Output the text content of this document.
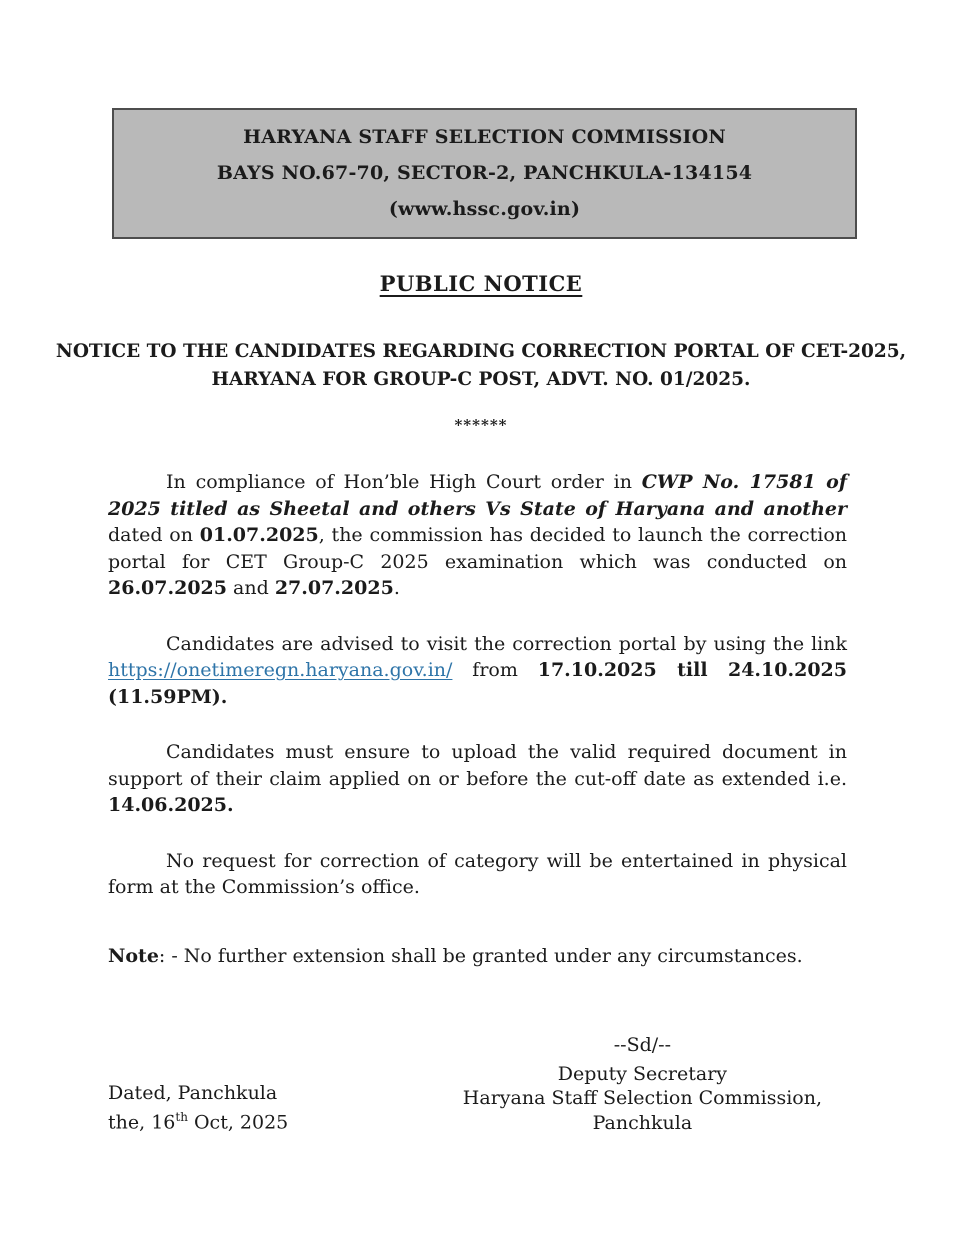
HARYANA STAFF SELECTION COMMISSION
BAYS NO.67-70, SECTOR-2, PANCHKULA-134154
(www.hssc.gov.in)
PUBLIC NOTICE
NOTICE TO THE CANDIDATES REGARDING CORRECTION PORTAL OF CET-2025,
HARYANA FOR GROUP-C POST, ADVT. NO. 01/2025.
******
In compliance of Hon’ble High Court order in CWP No. 17581 of 2025 titled as Sheetal and others Vs State of Haryana and another dated on 01.07.2025, the commission has decided to launch the correction portal for CET Group-C 2025 examination which was conducted on 26.07.2025 and 27.07.2025.
Candidates are advised to visit the correction portal by using the link https://onetimeregn.haryana.gov.in/ from 17.10.2025 till 24.10.2025 (11.59PM).
Candidates must ensure to upload the valid required document in support of their claim applied on or before the cut-off date as extended i.e. 14.06.2025.
No request for correction of category will be entertained in physical form at the Commission’s office.
Note: - No further extension shall be granted under any circumstances.
Dated, Panchkula
the, 16th Oct, 2025
--Sd/--
Deputy Secretary
Haryana Staff Selection Commission,
Panchkula
